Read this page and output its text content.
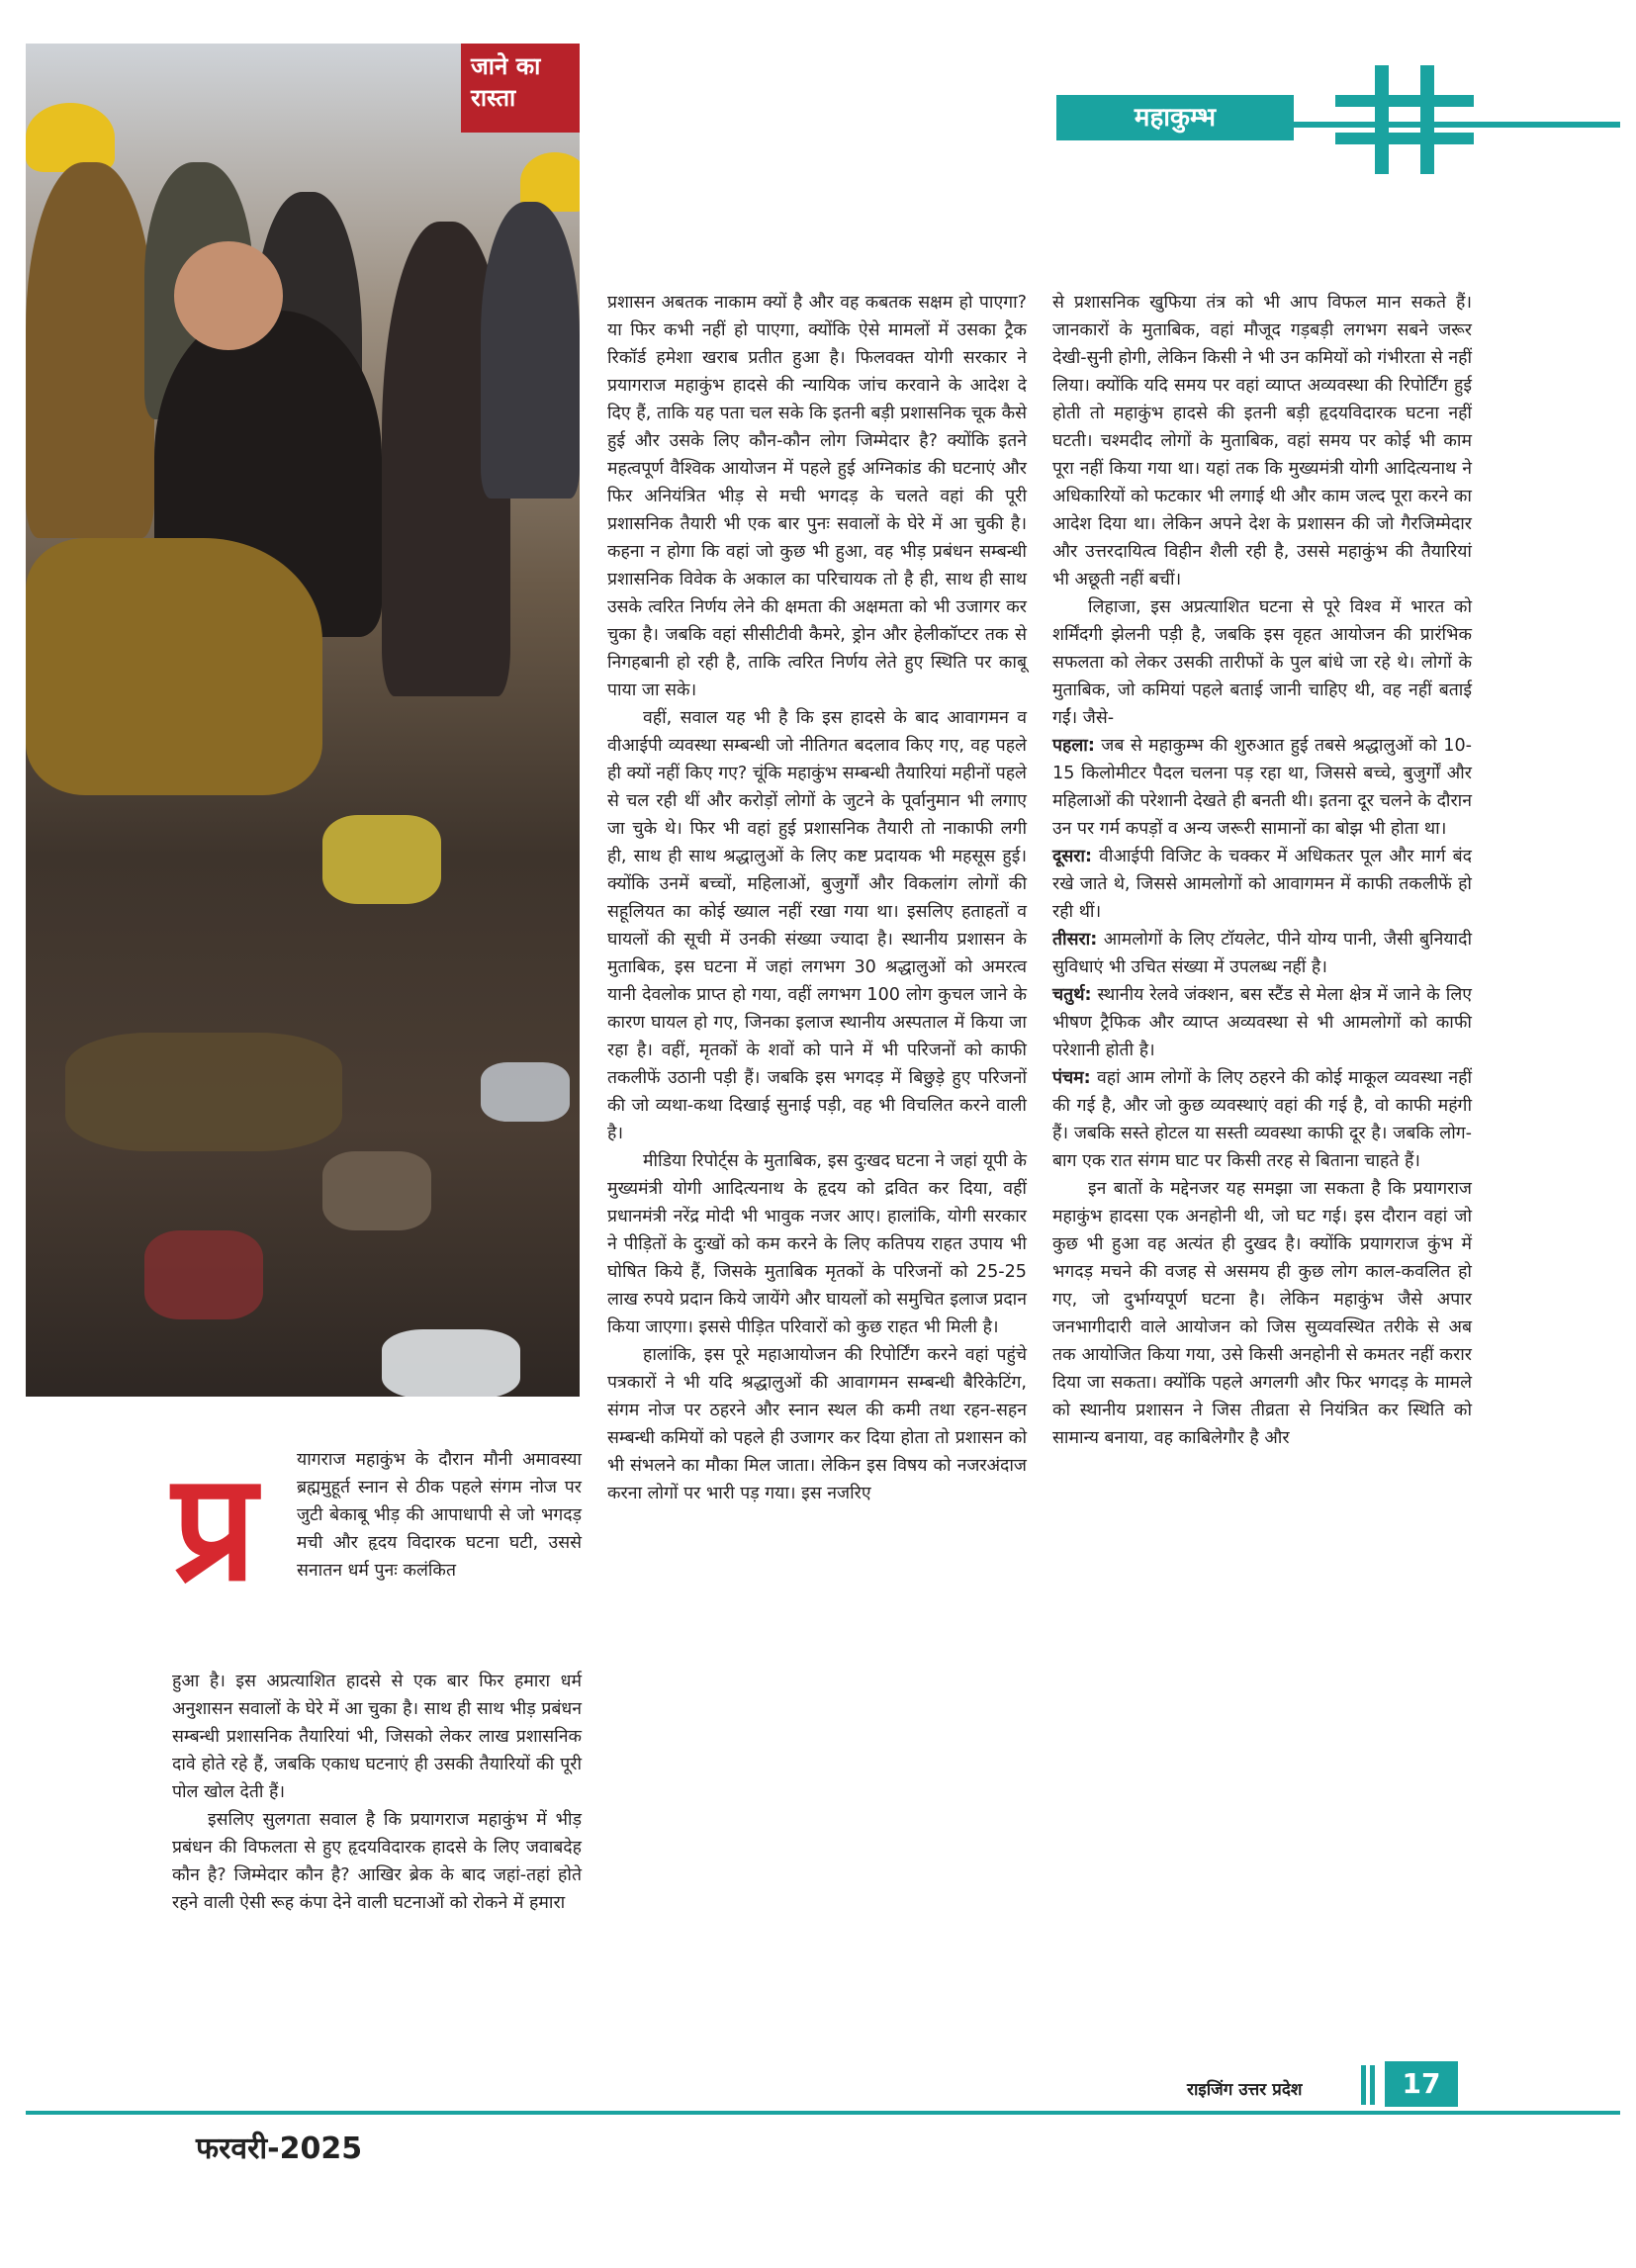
जाने का
रास्ता
महाकुम्भ
प्र	यागराज महाकुंभ के दौरान मौनी अमावस्या ब्रह्ममुहूर्त स्नान से ठीक पहले संगम नोज पर जुटी बेकाबू भीड़ की आपाधापी से जो भगदड़ मची और हृदय विदारक घटना घटी, उससे सनातन धर्म पुनः कलंकित

हुआ है। इस अप्रत्याशित हादसे से एक बार फिर हमारा धर्म अनुशासन सवालों के घेरे में आ चुका है। साथ ही साथ भीड़ प्रबंधन सम्बन्धी प्रशासनिक तैयारियां भी, जिसको लेकर लाख प्रशासनिक दावे होते रहे हैं, जबकि एकाध घटनाएं ही उसकी तैयारियों की पूरी पोल खोल देती हैं।

इसलिए सुलगता सवाल है कि प्रयागराज महाकुंभ में भीड़ प्रबंधन की विफलता से हुए हृदयविदारक हादसे के लिए जवाबदेह कौन है? जिम्मेदार कौन है? आखिर ब्रेक के बाद जहां-तहां होते रहने वाली ऐसी रूह कंपा देने वाली घटनाओं को रोकने में हमारा

प्रशासन अबतक नाकाम क्यों है और वह कबतक सक्षम हो पाएगा? या फिर कभी नहीं हो पाएगा, क्योंकि ऐसे मामलों में उसका ट्रैक रिकॉर्ड हमेशा खराब प्रतीत हुआ है। फिलवक्त योगी सरकार ने प्रयागराज महाकुंभ हादसे की न्यायिक जांच करवाने के आदेश दे दिए हैं, ताकि यह पता चल सके कि इतनी बड़ी प्रशासनिक चूक कैसे हुई और उसके लिए कौन-कौन लोग जिम्मेदार है? क्योंकि इतने महत्वपूर्ण वैश्विक आयोजन में पहले हुई अग्निकांड की घटनाएं और फिर अनियंत्रित भीड़ से मची भगदड़ के चलते वहां की पूरी प्रशासनिक तैयारी भी एक बार पुनः सवालों के घेरे में आ चुकी है। कहना न होगा कि वहां जो कुछ भी हुआ, वह भीड़ प्रबंधन सम्बन्धी प्रशासनिक विवेक के अकाल का परिचायक तो है ही, साथ ही साथ उसके त्वरित निर्णय लेने की क्षमता की अक्षमता को भी उजागर कर चुका है। जबकि वहां सीसीटीवी कैमरे, ड्रोन और हेलीकॉप्टर तक से निगहबानी हो रही है, ताकि त्वरित निर्णय लेते हुए स्थिति पर काबू पाया जा सके।

वहीं, सवाल यह भी है कि इस हादसे के बाद आवागमन व वीआईपी व्यवस्था सम्बन्धी जो नीतिगत बदलाव किए गए, वह पहले ही क्यों नहीं किए गए? चूंकि महाकुंभ सम्बन्धी तैयारियां महीनों पहले से चल रही थीं और करोड़ों लोगों के जुटने के पूर्वानुमान भी लगाए जा चुके थे। फिर भी वहां हुई प्रशासनिक तैयारी तो नाकाफी लगी ही, साथ ही साथ श्रद्धालुओं के लिए कष्ट प्रदायक भी महसूस हुई। क्योंकि उनमें बच्चों, महिलाओं, बुजुर्गों और विकलांग लोगों की सहूलियत का कोई ख्याल नहीं रखा गया था। इसलिए हताहतों व घायलों की सूची में उनकी संख्या ज्यादा है। स्थानीय प्रशासन के मुताबिक, इस घटना में जहां लगभग 30 श्रद्धालुओं को अमरत्व यानी देवलोक प्राप्त हो गया, वहीं लगभग 100 लोग कुचल जाने के कारण घायल हो गए, जिनका इलाज स्थानीय अस्पताल में किया जा रहा है। वहीं, मृतकों के शवों को पाने में भी परिजनों को काफी तकलीफें उठानी पड़ी हैं। जबकि इस भगदड़ में बिछुड़े हुए परिजनों की जो व्यथा-कथा दिखाई सुनाई पड़ी, वह भी विचलित करने वाली है।

मीडिया रिपोर्ट्स के मुताबिक, इस दुःखद घटना ने जहां यूपी के मुख्यमंत्री योगी आदित्यनाथ के हृदय को द्रवित कर दिया, वहीं प्रधानमंत्री नरेंद्र मोदी भी भावुक नजर आए। हालांकि, योगी सरकार ने पीड़ितों के दुःखों को कम करने के लिए कतिपय राहत उपाय भी घोषित किये हैं, जिसके मुताबिक मृतकों के परिजनों को 25-25 लाख रुपये प्रदान किये जायेंगे और घायलों को समुचित इलाज प्रदान किया जाएगा। इससे पीड़ित परिवारों को कुछ राहत भी मिली है।

हालांकि, इस पूरे महाआयोजन की रिपोर्टिंग करने वहां पहुंचे पत्रकारों ने भी यदि श्रद्धालुओं की आवागमन सम्बन्धी बैरिकेटिंग, संगम नोज पर ठहरने और स्नान स्थल की कमी तथा रहन-सहन सम्बन्धी कमियों को पहले ही उजागर कर दिया होता तो प्रशासन को भी संभलने का मौका मिल जाता। लेकिन इस विषय को नजरअंदाज करना लोगों पर भारी पड़ गया। इस नजरिए

से प्रशासनिक खुफिया तंत्र को भी आप विफल मान सकते हैं। जानकारों के मुताबिक, वहां मौजूद गड़बड़ी लगभग सबने जरूर देखी-सुनी होगी, लेकिन किसी ने भी उन कमियों को गंभीरता से नहीं लिया। क्योंकि यदि समय पर वहां व्याप्त अव्यवस्था की रिपोर्टिंग हुई होती तो महाकुंभ हादसे की इतनी बड़ी हृदयविदारक घटना नहीं घटती। चश्मदीद लोगों के मुताबिक, वहां समय पर कोई भी काम पूरा नहीं किया गया था। यहां तक कि मुख्यमंत्री योगी आदित्यनाथ ने अधिकारियों को फटकार भी लगाई थी और काम जल्द पूरा करने का आदेश दिया था। लेकिन अपने देश के प्रशासन की जो गैरजिम्मेदार और उत्तरदायित्व विहीन शैली रही है, उससे महाकुंभ की तैयारियां भी अछूती नहीं बचीं।

लिहाजा, इस अप्रत्याशित घटना से पूरे विश्व में भारत को शर्मिंदगी झेलनी पड़ी है, जबकि इस वृहत आयोजन की प्रारंभिक सफलता को लेकर उसकी तारीफों के पुल बांधे जा रहे थे। लोगों के मुताबिक, जो कमियां पहले बताई जानी चाहिए थी, वह नहीं बताई गईं। जैसे-

पहला: जब से महाकुम्भ की शुरुआत हुई तबसे श्रद्धालुओं को 10-15 किलोमीटर पैदल चलना पड़ रहा था, जिससे बच्चे, बुजुर्गों और महिलाओं की परेशानी देखते ही बनती थी। इतना दूर चलने के दौरान उन पर गर्म कपड़ों व अन्य जरूरी सामानों का बोझ भी होता था।
दूसरा: वीआईपी विजिट के चक्कर में अधिकतर पूल और मार्ग बंद रखे जाते थे, जिससे आमलोगों को आवागमन में काफी तकलीफें हो रही थीं।
तीसरा: आमलोगों के लिए टॉयलेट, पीने योग्य पानी, जैसी बुनियादी सुविधाएं भी उचित संख्या में उपलब्ध नहीं है।
चतुर्थ: स्थानीय रेलवे जंक्शन, बस स्टैंड से मेला क्षेत्र में जाने के लिए भीषण ट्रैफिक और व्याप्त अव्यवस्था से भी आमलोगों को काफी परेशानी होती है।
पंचम: वहां आम लोगों के लिए ठहरने की कोई माकूल व्यवस्था नहीं की गई है, और जो कुछ व्यवस्थाएं वहां की गई है, वो काफी महंगी हैं। जबकि सस्ते होटल या सस्ती व्यवस्था काफी दूर है। जबकि लोग-बाग एक रात संगम घाट पर किसी तरह से बिताना चाहते हैं।

इन बातों के मद्देनजर यह समझा जा सकता है कि प्रयागराज महाकुंभ हादसा एक अनहोनी थी, जो घट गई। इस दौरान वहां जो कुछ भी हुआ वह अत्यंत ही दुखद है। क्योंकि प्रयागराज कुंभ में भगदड़ मचने की वजह से असमय ही कुछ लोग काल-कवलित हो गए, जो दुर्भाग्यपूर्ण घटना है। लेकिन महाकुंभ जैसे अपार जनभागीदारी वाले आयोजन को जिस सुव्यवस्थित तरीके से अब तक आयोजित किया गया, उसे किसी अनहोनी से कमतर नहीं करार दिया जा सकता। क्योंकि पहले अगलगी और फिर भगदड़ के मामले को स्थानीय प्रशासन ने जिस तीव्रता से नियंत्रित कर स्थिति को सामान्य बनाया, वह काबिलेगौर है और

राइजिंग उत्तर प्रदेश	17
फरवरी-2025
